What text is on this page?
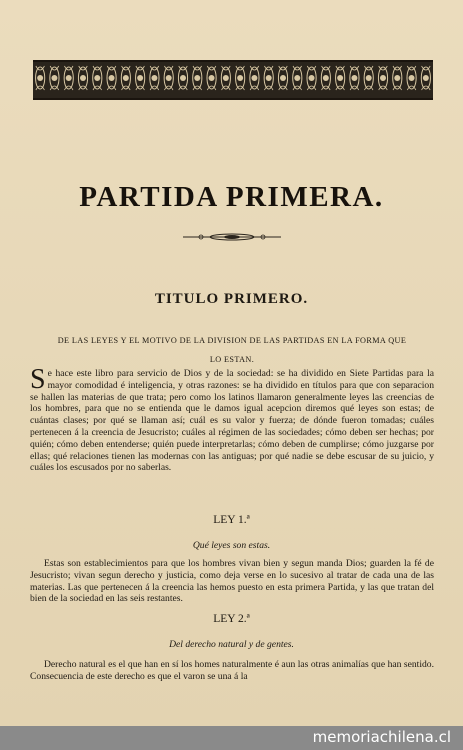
PARTIDA PRIMERA.
TITULO PRIMERO.
DE LAS LEYES Y EL MOTIVO DE LA DIVISION DE LAS PARTIDAS EN LA FORMA QUE
LO ESTAN.
Se hace este libro para servicio de Dios y de la sociedad: se ha dividido en Siete Partidas para la mayor comodidad é inteligencia, y otras razones: se ha dividido en títulos para que con separacion se hallen las materias de que trata; pero como los latinos llamaron generalmente leyes las creencias de los hombres, para que no se entienda que le damos igual acepcion diremos qué leyes son estas; de cuántas clases; por qué se llaman así; cuál es su valor y fuerza; de dónde fueron tomadas; cuáles pertenecen á la creencia de Jesucristo; cuáles al régimen de las sociedades; cómo deben ser hechas; por quién; cómo deben entenderse; quién puede interpretarlas; cómo deben de cumplirse; cómo juzgarse por ellas; qué relaciones tienen las modernas con las antiguas; por qué nadie se debe escusar de su juicio, y cuáles los escusados por no saberlas.
LEY 1.ª
Qué leyes son estas.
Estas son establecimientos para que los hombres vivan bien y segun manda Dios; guarden la fé de Jesucristo; vivan segun derecho y justicia, como deja verse en lo sucesivo al tratar de cada una de las materias. Las que pertenecen á la creencia las hemos puesto en esta primera Partida, y las que tratan del bien de la sociedad en las seis restantes.
LEY 2.ª
Del derecho natural y de gentes.
Derecho natural es el que han en sí los homes naturalmente é aun las otras animalías que han sentido. Consecuencia de este derecho es que el varon se una á la
memoriachilena.cl
